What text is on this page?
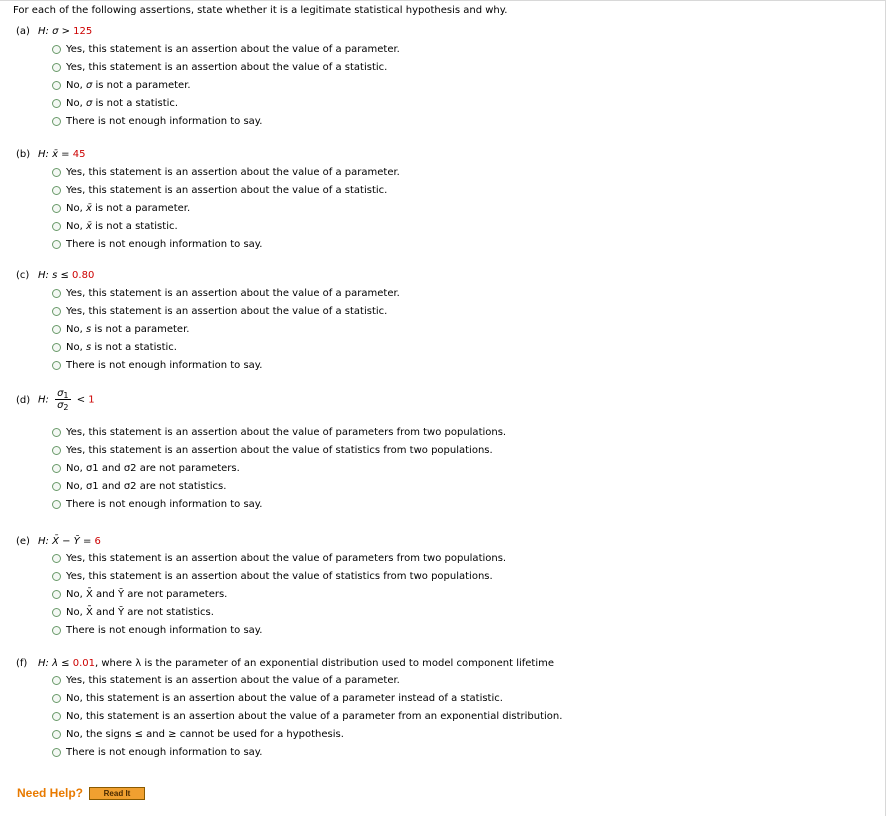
For each of the following assertions, state whether it is a legitimate statistical hypothesis and why.
(a) H: σ > 125
Yes, this statement is an assertion about the value of a parameter.
Yes, this statement is an assertion about the value of a statistic.
No, σ is not a parameter.
No, σ is not a statistic.
There is not enough information to say.
(b) H: x̄ = 45
Yes, this statement is an assertion about the value of a parameter.
Yes, this statement is an assertion about the value of a statistic.
No, x̄ is not a parameter.
No, x̄ is not a statistic.
There is not enough information to say.
(c) H: s ≤ 0.80
Yes, this statement is an assertion about the value of a parameter.
Yes, this statement is an assertion about the value of a statistic.
No, s is not a parameter.
No, s is not a statistic.
There is not enough information to say.
(d) H: $\frac{\sigma_1}{\sigma_2} < 1$
Yes, this statement is an assertion about the value of parameters from two populations.
Yes, this statement is an assertion about the value of statistics from two populations.
No, σ1 and σ2 are not parameters.
No, σ1 and σ2 are not statistics.
There is not enough information to say.
(e) H: X̄ − Ȳ = 6
Yes, this statement is an assertion about the value of parameters from two populations.
Yes, this statement is an assertion about the value of statistics from two populations.
No, X̄ and Ȳ are not parameters.
No, X̄ and Ȳ are not statistics.
There is not enough information to say.
(f) H: λ ≤ 0.01, where λ is the parameter of an exponential distribution used to model component lifetime
Yes, this statement is an assertion about the value of a parameter.
No, this statement is an assertion about the value of a parameter instead of a statistic.
No, this statement is an assertion about the value of a parameter from an exponential distribution.
No, the signs ≤ and ≥ cannot be used for a hypothesis.
There is not enough information to say.
Need Help?	Read It
